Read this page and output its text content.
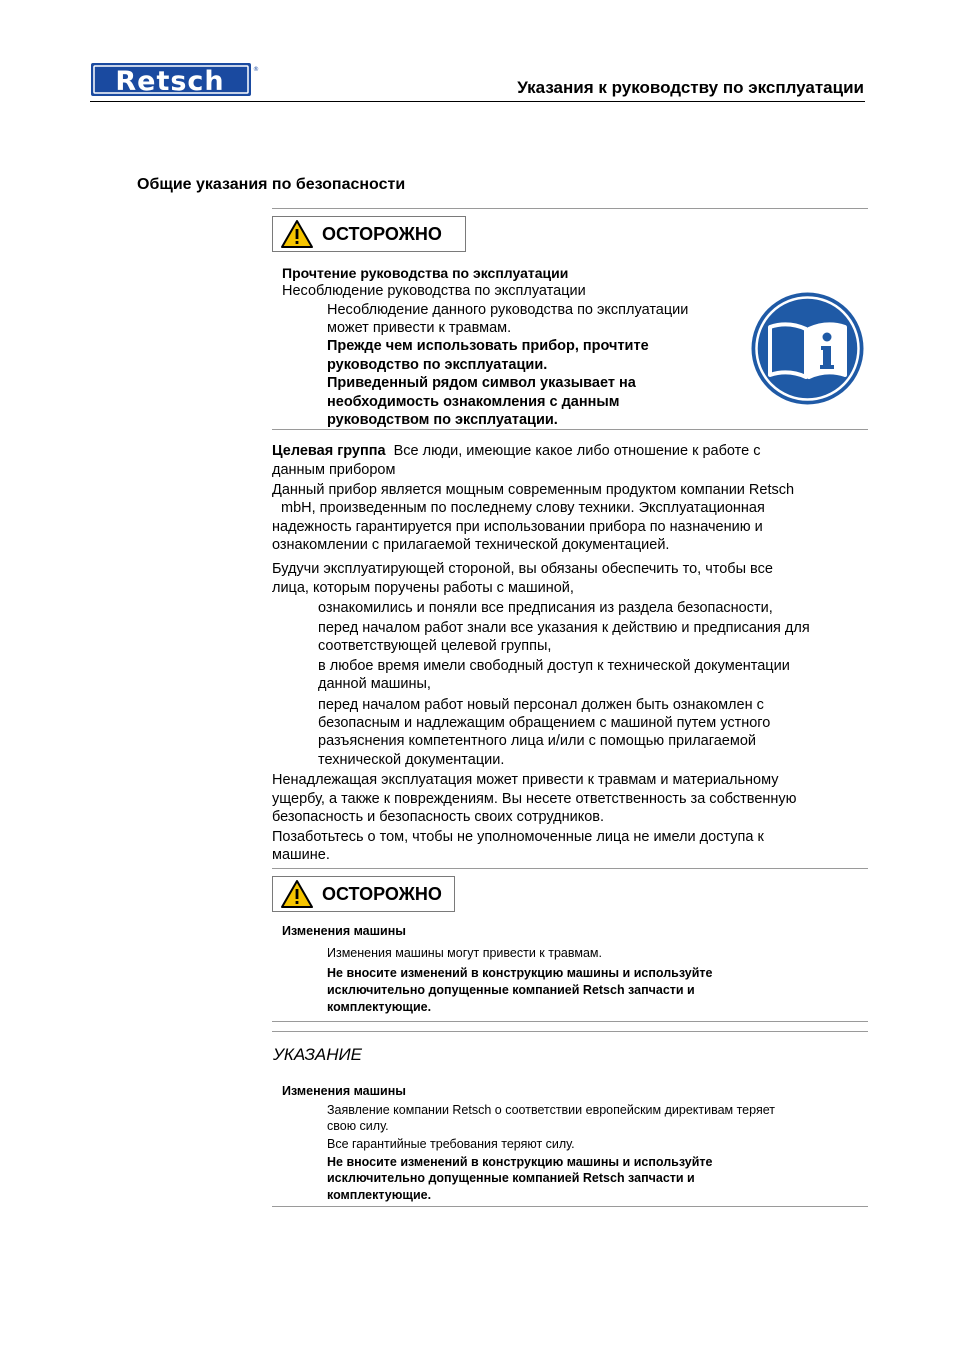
Retsch	®
Указания к руководству по эксплуатации
Общие указания по безопасности
ОСТОРОЖНО

Прочтение руководства по эксплуатации

Несоблюдение руководства по эксплуатации

Несоблюдение данного руководства по эксплуатации

может привести к травмам.

Прежде чем использовать прибор, прочтите

руководство по эксплуатации.

Приведенный рядом символ указывает на

необходимость ознакомления с данным

руководством по эксплуатации.

Целевая группа Все люди, имеющие какое либо отношение к работе с

данным прибором

Данный прибор является мощным современным продуктом компании Retsch

mbH, произведенным по последнему слову техники. Эксплуатационная

надежность гарантируется при использовании прибора по назначению и

ознакомлении с прилагаемой технической документацией.

Будучи эксплуатирующей стороной, вы обязаны обеспечить то, чтобы все

лица, которым поручены работы с машиной,

ознакомились и поняли все предписания из раздела безопасности,

перед началом работ знали все указания к действию и предписания для

соответствующей целевой группы,

в любое время имели свободный доступ к технической документации

данной машины,

перед началом работ новый персонал должен быть ознакомлен с

безопасным и надлежащим обращением с машиной путем устного

разъяснения компетентного лица и/или с помощью прилагаемой

технической документации.

Ненадлежащая эксплуатация может привести к травмам и материальному

ущербу, а также к повреждениям. Вы несете ответственность за собственную

безопасность и безопасность своих сотрудников.

Позаботьтесь о том, чтобы не уполномоченные лица не имели доступа к

машине.

ОСТОРОЖНО

Изменения машины

Изменения машины могут привести к травмам.

Не вносите изменений в конструкцию машины и используйте

исключительно допущенные компанией Retsch запчасти и

комплектующие.

УКАЗАНИЕ

Изменения машины

Заявление компании Retsch о соответствии европейским директивам теряет

свою силу.

Все гарантийные требования теряют силу.

Не вносите изменений в конструкцию машины и используйте

исключительно допущенные компанией Retsch запчасти и

комплектующие.
